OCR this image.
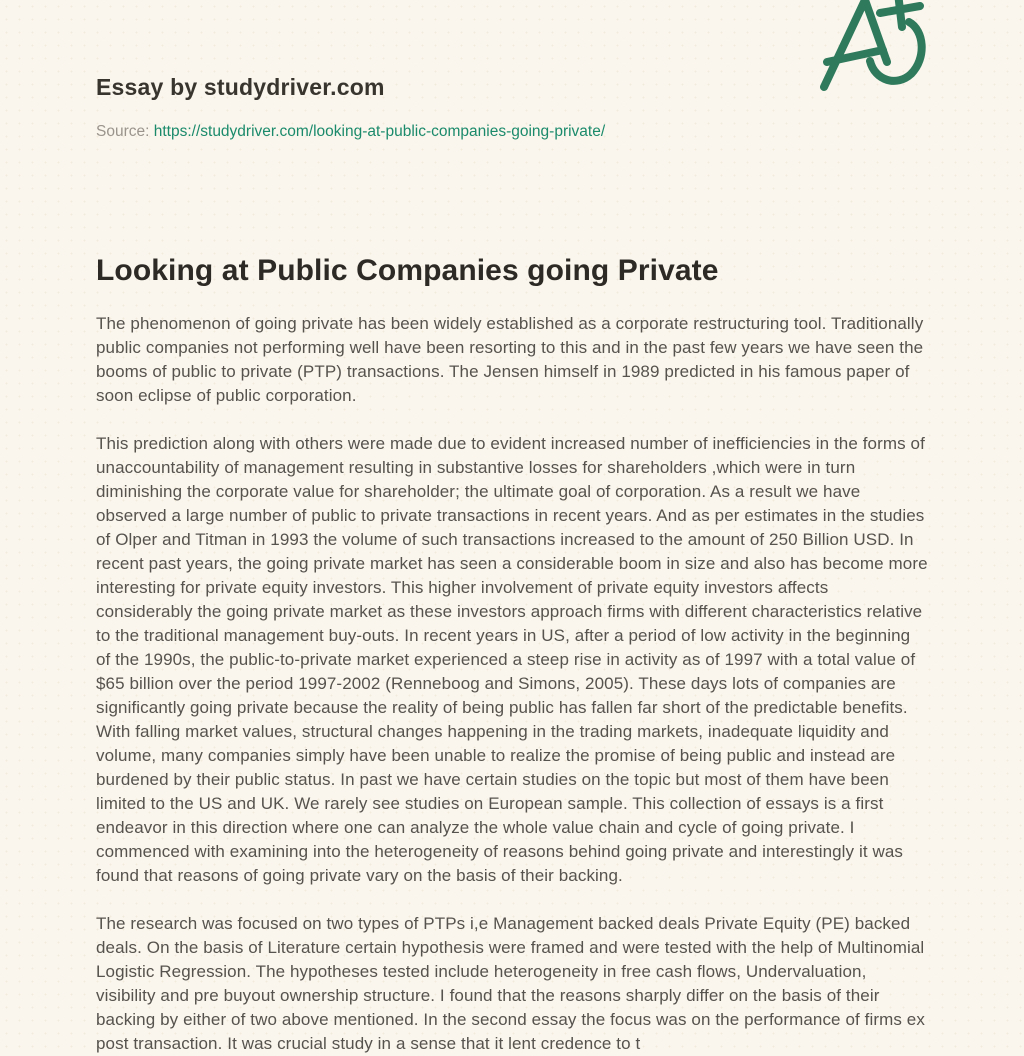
Essay by studydriver.com
Source: https://studydriver.com/looking-at-public-companies-going-private/
Looking at Public Companies going Private

The phenomenon of going private has been widely established as a corporate restructuring tool. Traditionally public companies not performing well have been resorting to this and in the past few years we have seen the booms of public to private (PTP) transactions. The Jensen himself in 1989 predicted in his famous paper of soon eclipse of public corporation.

This prediction along with others were made due to evident increased number of inefficiencies in the forms of unaccountability of management resulting in substantive losses for shareholders ,which were in turn diminishing the corporate value for shareholder; the ultimate goal of corporation. As a result we have observed a large number of public to private transactions in recent years. And as per estimates in the studies of Olper and Titman in 1993 the volume of such transactions increased to the amount of 250 Billion USD. In recent past years, the going private market has seen a considerable boom in size and also has become more interesting for private equity investors. This higher involvement of private equity investors affects considerably the going private market as these investors approach firms with different characteristics relative to the traditional management buy-outs. In recent years in US, after a period of low activity in the beginning of the 1990s, the public-to-private market experienced a steep rise in activity as of 1997 with a total value of $65 billion over the period 1997-2002 (Renneboog and Simons, 2005). These days lots of companies are significantly going private because the reality of being public has fallen far short of the predictable benefits. With falling market values, structural changes happening in the trading markets, inadequate liquidity and volume, many companies simply have been unable to realize the promise of being public and instead are burdened by their public status. In past we have certain studies on the topic but most of them have been limited to the US and UK. We rarely see studies on European sample. This collection of essays is a first endeavor in this direction where one can analyze the whole value chain and cycle of going private. I commenced with examining into the heterogeneity of reasons behind going private and interestingly it was found that reasons of going private vary on the basis of their backing.

The research was focused on two types of PTPs i,e Management backed deals Private Equity (PE) backed deals. On the basis of Literature certain hypothesis were framed and were tested with the help of Multinomial Logistic Regression. The hypotheses tested include heterogeneity in free cash flows, Undervaluation, visibility and pre buyout ownership structure. I found that the reasons sharply differ on the basis of their backing by either of two above mentioned. In the second essay the focus was on the performance of firms ex post transaction. It was crucial study in a sense that it lent credence to t
